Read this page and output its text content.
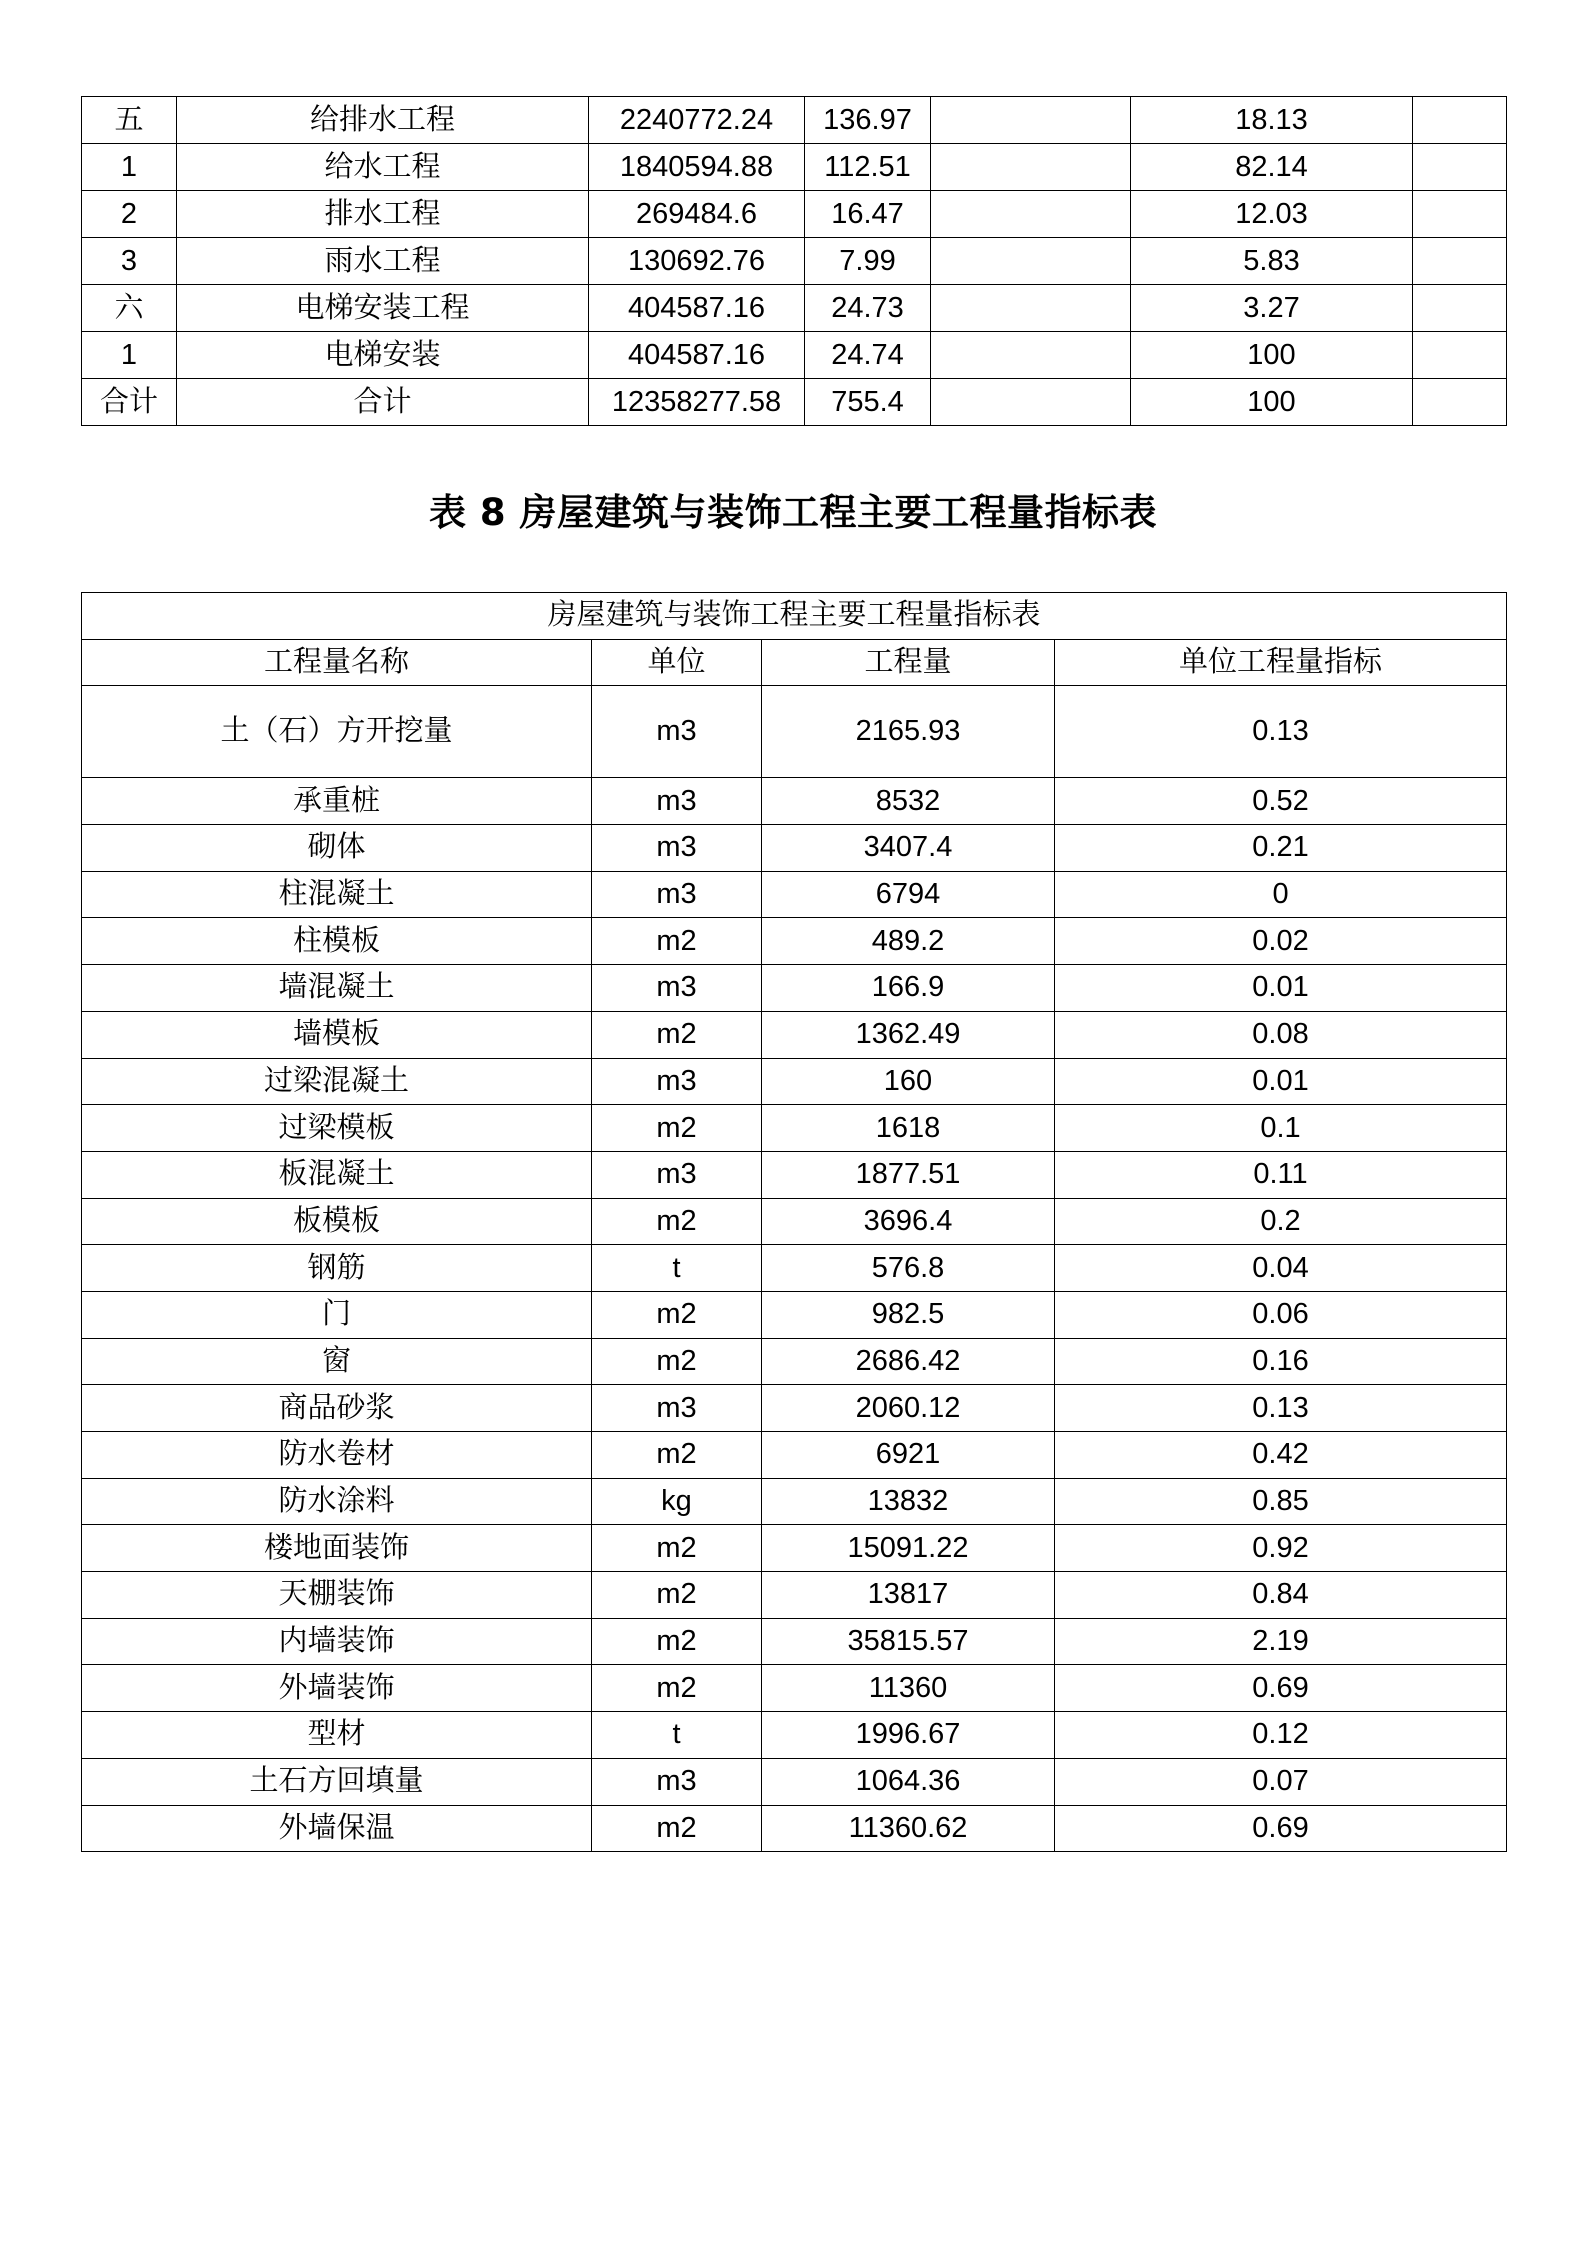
五	给排水工程	2240772.24	136.97		18.13	
1	给水工程	1840594.88	112.51		82.14	
2	排水工程	269484.6	16.47		12.03	
3	雨水工程	130692.76	7.99		5.83	
六	电梯安装工程	404587.16	24.73		3.27	
1	电梯安装	404587.16	24.74		100	
合计	合计	12358277.58	755.4		100	
表 8 房屋建筑与装饰工程主要工程量指标表
房屋建筑与装饰工程主要工程量指标表			
工程量名称	单位	工程量	单位工程量指标
土（石）方开挖量	m3	2165.93	0.13
承重桩	m3	8532	0.52
砌体	m3	3407.4	0.21
柱混凝土	m3	6794	0
柱模板	m2	489.2	0.02
墙混凝土	m3	166.9	0.01
墙模板	m2	1362.49	0.08
过梁混凝土	m3	160	0.01
过梁模板	m2	1618	0.1
板混凝土	m3	1877.51	0.11
板模板	m2	3696.4	0.2
钢筋	t	576.8	0.04
门	m2	982.5	0.06
窗	m2	2686.42	0.16
商品砂浆	m3	2060.12	0.13
防水卷材	m2	6921	0.42
防水涂料	kg	13832	0.85
楼地面装饰	m2	15091.22	0.92
天棚装饰	m2	13817	0.84
内墙装饰	m2	35815.57	2.19
外墙装饰	m2	11360	0.69
型材	t	1996.67	0.12
土石方回填量	m3	1064.36	0.07
外墙保温	m2	11360.62	0.69
